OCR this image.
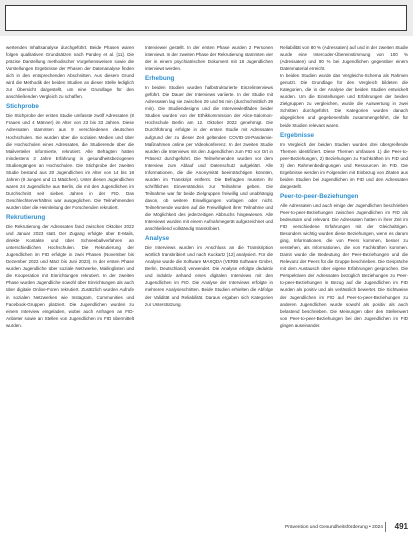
wertenden Inhaltsanalyse durchgeführt. Beide Phasen waren folgen qualitativen Grundsätzen nach Pandey et al. [11]. Die präzise Darstellung methodischer Vorgehensweisen sowie die Vorstellungen Ergebnisse der Phasen der Datenanalyse finden sich in den entsprechenden Abschnitten. Aus diesem Grund wird die Methodik der beiden Studien an dieser Stelle lediglich zur Übersicht dargestellt, um eine Grundlage für den anschließenden Vergleich zu schaffen.
Stichprobe
Die Stichprobe der ersten Studie umfasste zwölf Adressaten (8 Frauen und 4 Männer) im Alter von 23 bis 33 Jahren. Diese Adressaten stammten aus 9 verschiedenen deutschen Hochschulen. Sie wurden über die sozialen Medien und über die Hochschulen eines Adressaten, die Studierende über die Mailverteiler informierte, rekrutiert. Alle Befragten hatten mindestens 3 Jahre Erfahrung in gesundheitsbezogenen Studiengängen an Hochschulen. Die Stichprobe der zweiten Studie bestand aus 20 Jugendlichen im Alter von 14 bis 18 Jahren (9 Jungen und 11 Mädchen). Unter diesen Jugendlichen waren 24 Jugendliche aus Berlin, die mit den Jugendlichen im Durchschnitt seit sieben Jahren in der FID. Das Geschlechterverhältnis war ausgeglichen. Die Teilnehmenden wurden über die Heimleitung der Forschenden rekrutiert.
Rekrutierung
Die Rekrutierung der Adressaten fand zwischen Oktober 2022 und Januar 2023 statt. Der Zugang erfolgte über E-Mails, direkte Kontakte und über Schneeballverfahren an unterschiedlichen Hochschulen. Die Rekrutierung der Jugendlichen im FID erfolgte in zwei Phasen (November bis Dezember 2022 und März bis Juni 2023). In der ersten Phase wurden Jugendliche über soziale Netzwerke, Mailinglisten und die Kooperation mit Einrichtungen rekrutiert. In der zweiten Phase wurden Jugendliche sowohl über Einrichtungen als auch über digitale Online-Foren rekrutiert. Zusätzlich wurden Aufrufe in sozialen Netzwerken wie Instagram, Communities und Facebook-Gruppen platziert. Die Jugendlichen wurden zu einem Interview eingeladen, wobei auch Anfragen an FID-Anbieter sowie an Stellen von Jugendlichen im FID übermittelt wurden.
Interviewer gestellt. In der ersten Phase wurden 2 Personen interviewt. In der zweiten Phase der Rekrutierung stammten vier der in einem psychiatrischen Dokument mit 18 Jugendlichen interviewt werden.
Erhebung
In beiden Studien wurden halbstrukturierte Einzelinterviews geführt. Die Dauer der Interviews variierte. In der Studie mit Adressaten lag sie zwischen 29 und 56 min (durchschnittlich 39 min). Die Studiendesigns und die Interviewleitfäden beider Studien wurden von der Ethikkommission der Alice-Salomon-Hochschule Berlin am 12. Oktober 2022 genehmigt. Die Durchführung erfolgte in der ersten Studie mit Adressaten aufgrund der zu dieser Zeit geltenden COVID-19-Pandemie-Maßnahmen online per Videokonferenz. In der zweiten Studie wurden die Interviews mit den Jugendlichen zum FID vor Ort in Präsenz durchgeführt. Die Teilnehmenden wurden vor dem Interview zum Ablauf und Datenschutz aufgeklärt. Alle Informationen, die die Anonymität beeinträchtigen könnten, wurden im Transkript entfernt. Die Befragten mussten ihr schriftliches Einverständnis zur Teilnahme geben. Die Teilnahme war für beide Zielgruppen freiwillig und unabhängig davon, ob weitere Einwilligungen vorlagen oder nicht. Teilnehmende wurden auf die Freiwilligkeit ihrer Teilnahme und die Möglichkeit des jederzeitigen Abbruchs hingewiesen. Alle Interviews wurden mit einem Aufnahmegerät aufgezeichnet und anschließend vollständig transkribiert.
Analyse
Die Interviews wurden im Anschluss an die Transkription wörtlich transkribiert und nach Kuckartz [12] analysiert. Für die Analyse wurde die Software MAXQDA (VERBI Software GmbH, Berlin, Deutschland) verwendet. Die Analyse erfolgte deduktiv und induktiv anhand eines digitalen Interviews mit den Jugendlichen im FID. Die Analyse der Interviews erfolgte in mehreren Analyseschritten. Beide Studien erhielten die Abfolge der Validität und Reliabilität. Daraus ergaben sich Kategorien zur Unterstützung.
Reliabilität von 80 % (Adressaten) auf und in der zweiten Studie wurde eine Intercoder-Übereinstimmung von 100 % (Adressaten) und 90 % bei Jugendlichen gegenüber einem Datenmaterial erreicht.
In beiden Studien wurde das Vergleichs-Schema als Rahmen genutzt. Die Grundlage für den Vergleich bildeten die Kategorien, die in der Analyse der beiden Studien entwickelt wurden. Um die Einstellungen und Erfahrungen der beiden Zielgruppen zu vergleichen, wurde die Auswertung in zwei Schritten durchgeführt. Die Kategorien wurden danach abgeglichen und gegebenenfalls zusammengeführt, die für beide Studien relevant waren.
Ergebnisse
Im Vergleich der beiden Studien wurden drei übergreifende Themen identifiziert. Diese Themen umfassen 1) die Peer-to-peer-Beziehungen, 2) Beziehungen zu Fachkräften im FID und 3) den Rahmenbedingungen und Ressourcen im FID. Die Ergebnisse werden im Folgenden mit Einbezug von Zitaten aus beiden Studien bei Jugendlichen im FID und den Adressaten dargestellt.
Peer-to-peer-Beziehungen
Alle Adressaten und auch einige der Jugendlichen beschrieben Peer-to-peer-Beziehungen zwischen Jugendlichen im FID als bedeutsam und relevant. Die Adressaten hatten in ihrer Zeit im FID verschiedene Erfahrungen mit der Gleichaltrigen. Besonders wichtig wurden diese Beziehungen, wenn es darum ging, Informationen, die von Peers kommen, besser zu verstehen, als Informationen, die von Fachkräften kommen. Damit wurde die Bedeutung der Peer-Beziehungen und die Relevanz der Peers für die Gruppe beschrieben. Die Gespräche mit dem Austausch über eigene Erfahrungen gesprochen. Die Perspektiven der Adressaten bezüglich Beziehungen zu Peer-to-peer-Beziehungen in Bezug auf die Jugendlichen im FID wurden als positiv und als verlässlich bewertet. Die Sichtweise der Jugendlichen im FID auf Peer-to-peer-Beziehungen zu anderen Jugendlichen wurde sowohl als positiv als auch belastend beschrieben. Die Meinungen über den Stellenwert von Peer-to-peer-Beziehungen bei den Jugendlichen im FID gingen auseinander.
Prävention und Gesundheitsförderung • 2024 491
